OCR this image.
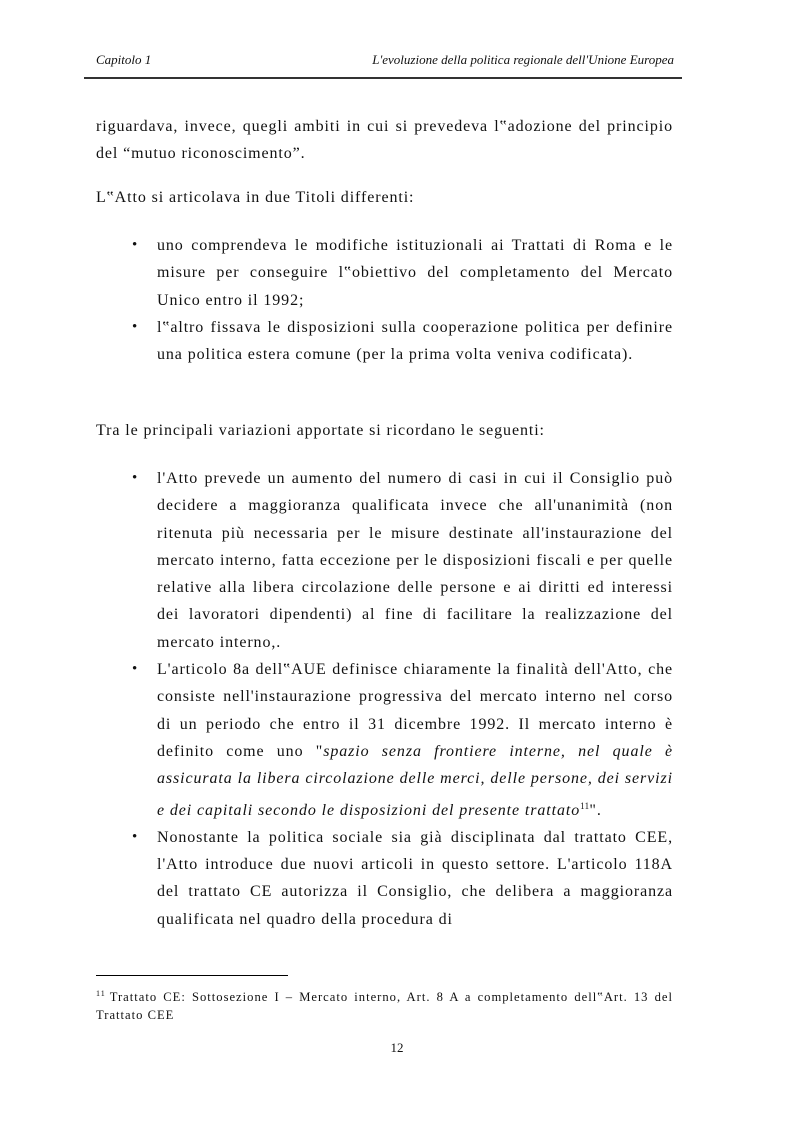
Capitolo 1	L'evoluzione della politica regionale dell'Unione Europea

riguardava, invece, quegli ambiti in cui si prevedeva l‟adozione del principio del “mutuo riconoscimento”.

L‟Atto si articolava in due Titoli differenti:

• uno comprendeva le modifiche istituzionali ai Trattati di Roma e le misure per conseguire l‟obiettivo del completamento del Mercato Unico entro il 1992;
• l‟altro fissava le disposizioni sulla cooperazione politica per definire una politica estera comune (per la prima volta veniva codificata).

Tra le principali variazioni apportate si ricordano le seguenti:

• l'Atto prevede un aumento del numero di casi in cui il Consiglio può decidere a maggioranza qualificata invece che all'unanimità (non ritenuta più necessaria per le misure destinate all'instaurazione del mercato interno, fatta eccezione per le disposizioni fiscali e per quelle relative alla libera circolazione delle persone e ai diritti ed interessi dei lavoratori dipendenti) al fine di facilitare la realizzazione del mercato interno,.
• L'articolo 8a dell‟AUE definisce chiaramente la finalità dell'Atto, che consiste nell'instaurazione progressiva del mercato interno nel corso di un periodo che entro il 31 dicembre 1992. Il mercato interno è definito come uno "spazio senza frontiere interne, nel quale è assicurata la libera circolazione delle merci, delle persone, dei servizi e dei capitali secondo le disposizioni del presente trattato$^{11}$".
• Nonostante la politica sociale sia già disciplinata dal trattato CEE, l'Atto introduce due nuovi articoli in questo settore. L'articolo 118A del trattato CE autorizza il Consiglio, che delibera a maggioranza qualificata nel quadro della procedura di
$^{11}$ Trattato CE: Sottosezione I – Mercato interno, Art. 8 A a completamento dell‟Art. 13 del Trattato CEE
12
